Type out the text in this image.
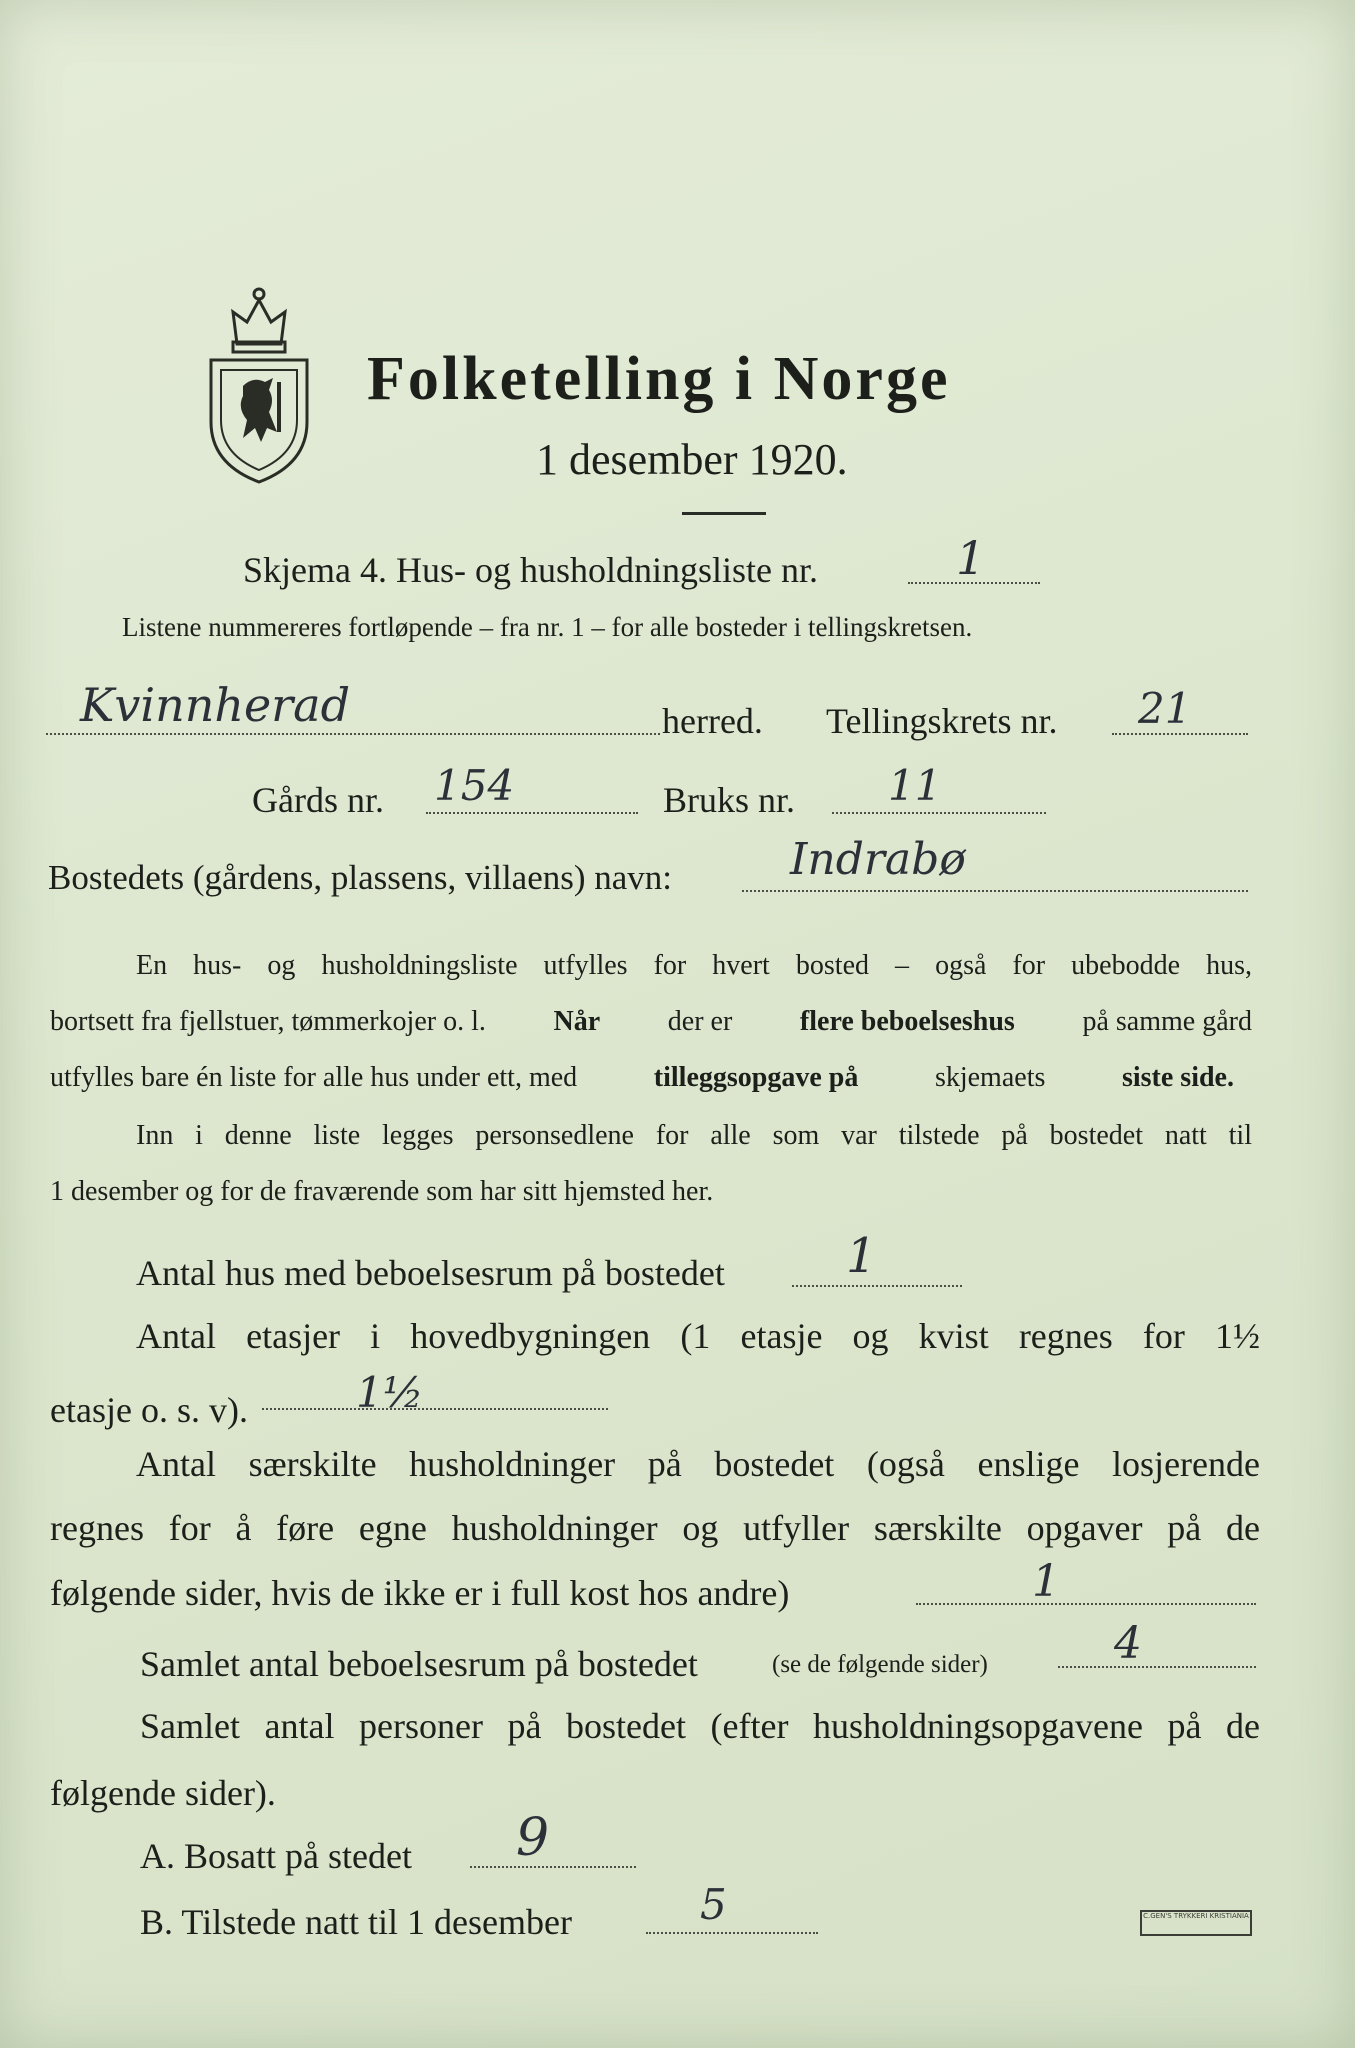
Folketelling i Norge
1 desember 1920.
Skjema 4. Hus- og husholdningsliste nr.	1
Listene nummereres fortløpende – fra nr. 1 – for alle bosteder i tellingskretsen.
Kvinnherad	herred. Tellingskrets nr. 21
Gårds nr. 154	Bruks nr. 11
Bostedets (gårdens, plassens, villaens) navn:	Indrabø
En hus- og husholdningsliste utfylles for hvert bosted – også for ubebodde hus,
bortsett fra fjellstuer, tømmerkojer o. l. Når der er flere beboelseshus på samme gård
utfylles bare én liste for alle hus under ett, med	tilleggsopgave på	skjemaets	siste side.
Inn i denne liste legges personsedlene for alle som var tilstede på bostedet natt til
1 desember og for de fraværende som har sitt hjemsted her.
Antal hus med beboelsesrum på bostedet	1
Antal etasjer i hovedbygningen (1 etasje og kvist regnes for 1½
etasje o. s. v).	1½
Antal særskilte husholdninger på bostedet (også enslige losjerende
regnes for å føre egne husholdninger og utfyller særskilte opgaver på de
følgende sider, hvis de ikke er i full kost hos andre)	1
Samlet antal beboelsesrum på bostedet	(se de følgende sider)	4
Samlet antal personer på bostedet (efter husholdningsopgavene på de
følgende sider).
A. Bosatt på stedet 9
B. Tilstede natt til 1 desember	5	C.GEN'S TRYKKERI KRISTIANIA
